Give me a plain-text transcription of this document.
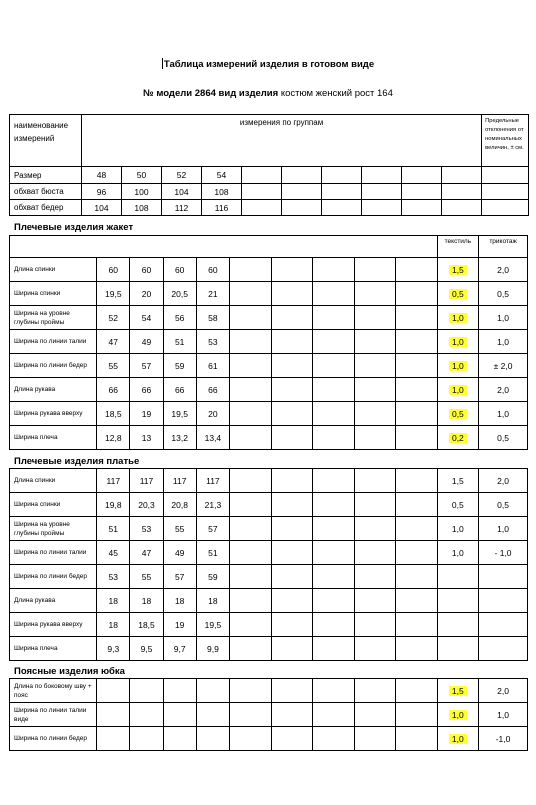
Таблица измерений изделия в готовом виде
№ модели 2864 вид изделия костюм женский рост 164
наименование измерений	измерения по группам										Предельные отклонения от номинальных величин, ± см.
Размер	48	50	52	54							
обхват бюста	96	100	104	108							
обхват бедер	104	108	112	116							
Плечевые изделия жакет
										текстиль	трикотаж
Длина спинки	60	60	60	60						1,5	2,0
Ширина спинки	19,5	20	20,5	21						0,5	0,5
Ширина на уровне глубины проймы	52	54	56	58						1,0	1,0
Ширина по линии талии	47	49	51	53						1,0	1,0
Ширина по линии бедер	55	57	59	61						1,0	± 2,0
Длина рукава	66	66	66	66						1,0	2,0
Ширина рукава вверху	18,5	19	19,5	20						0,5	1,0
Ширина плеча	12,8	13	13,2	13,4						0,2	0,5
Плечевые изделия платье
Длина спинки	117	117	117	117						1,5	2,0
Ширина спинки	19,8	20,3	20,8	21,3						0,5	0,5
Ширина на уровне глубины проймы	51	53	55	57						1,0	1,0
Ширина по линии талии	45	47	49	51						1,0	- 1,0
Ширина по линии бедер	53	55	57	59							
Длина рукава	18	18	18	18							
Ширина рукава вверху	18	18,5	19	19,5							
Ширина плеча	9,3	9,5	9,7	9,9							
Поясные изделия юбка
Длина по боковому шву + пояс										1,5	2,0
Ширина по линии талии виде										1,0	1,0
Ширина по линии бедер										1,0	-1,0
